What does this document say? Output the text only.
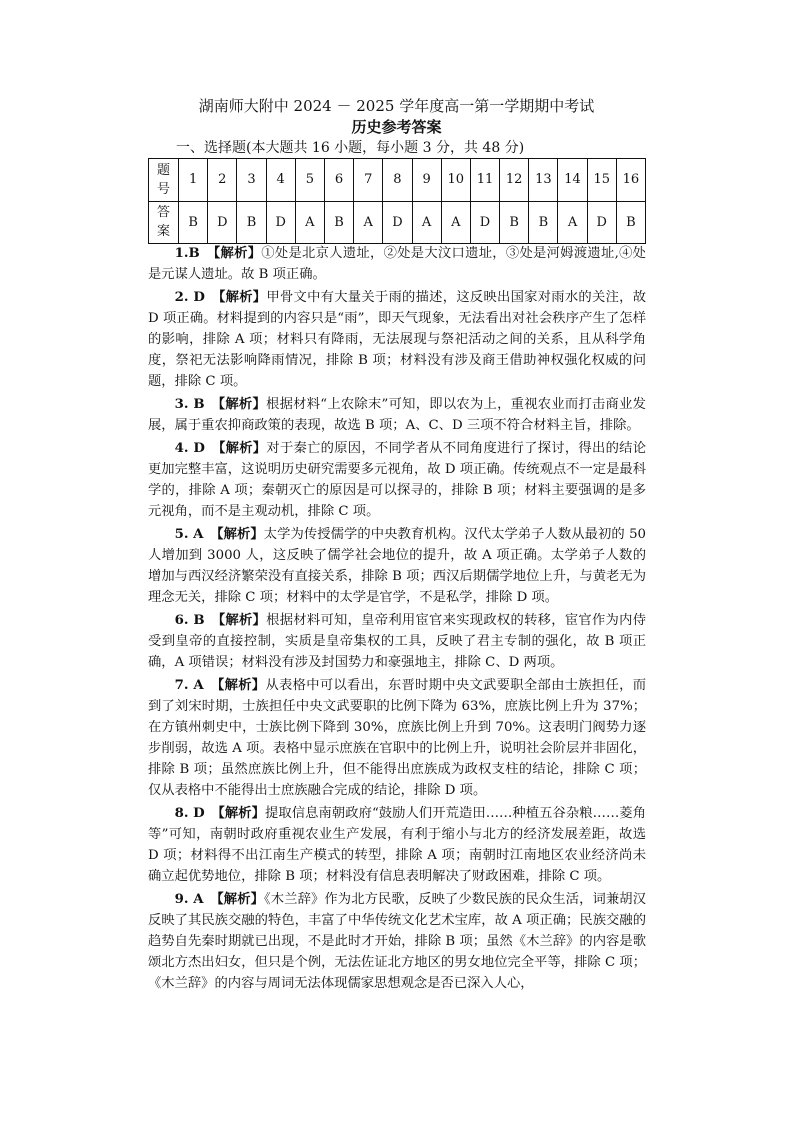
湖南师大附中 2024 － 2025 学年度高一第一学期期中考试
历史参考答案
一、选择题(本大题共 16 小题，每小题 3 分，共 48 分)
题
号	1	2	3	4	5	6	7	8	9	10	11	12	13	14	15	16

答
案	B	D	B	D	A	B	A	D	A	A	D	B	B	A	D	B

1.B　【解析】①处是北京人遗址，②处是大汶口遗址，③处是河姆渡遗址,④处是元谋人遗址。故 B 项正确。

2. D　【解析】甲骨文中有大量关于雨的描述，这反映出国家对雨水的关注，故 D 项正确。材料提到的内容只是“雨”，即天气现象，无法看出对社会秩序产生了怎样的影响，排除 A 项；材料只有降雨，无法展现与祭祀活动之间的关系，且从科学角度，祭祀无法影响降雨情况，排除 B 项；材料没有涉及商王借助神权强化权威的问题，排除 C 项。

3. B　【解析】根据材料“上农除末”可知，即以农为上，重视农业而打击商业发展，属于重农抑商政策的表现，故选 B 项；A、C、D 三项不符合材料主旨，排除。

4. D　【解析】对于秦亡的原因，不同学者从不同角度进行了探讨，得出的结论更加完整丰富，这说明历史研究需要多元视角，故 D 项正确。传统观点不一定是最科学的，排除 A 项；秦朝灭亡的原因是可以探寻的，排除 B 项；材料主要强调的是多元视角，而不是主观动机，排除 C 项。

5. A　【解析】太学为传授儒学的中央教育机构。汉代太学弟子人数从最初的 50 人增加到 3000 人，这反映了儒学社会地位的提升，故 A 项正确。太学弟子人数的增加与西汉经济繁荣没有直接关系，排除 B 项；西汉后期儒学地位上升，与黄老无为理念无关，排除 C 项；材料中的太学是官学，不是私学，排除 D 项。

6. B　【解析】根据材料可知，皇帝利用宦官来实现政权的转移，宦官作为内侍受到皇帝的直接控制，实质是皇帝集权的工具，反映了君主专制的强化，故 B 项正确，A 项错误；材料没有涉及封国势力和豪强地主，排除 C、D 两项。

7. A　【解析】从表格中可以看出，东晋时期中央文武要职全部由士族担任，而到了刘宋时期，士族担任中央文武要职的比例下降为 63%，庶族比例上升为 37%；在方镇州刺史中，士族比例下降到 30%，庶族比例上升到 70%。这表明门阀势力逐步削弱，故选 A 项。表格中显示庶族在官职中的比例上升，说明社会阶层并非固化，排除 B 项；虽然庶族比例上升，但不能得出庶族成为政权支柱的结论，排除 C 项；仅从表格中不能得出士庶族融合完成的结论，排除 D 项。

8. D　【解析】提取信息南朝政府“鼓励人们开荒造田……种植五谷杂粮……菱角等”可知，南朝时政府重视农业生产发展，有利于缩小与北方的经济发展差距，故选 D 项；材料得不出江南生产模式的转型，排除 A 项；南朝时江南地区农业经济尚未确立起优势地位，排除 B 项；材料没有信息表明解决了财政困难，排除 C 项。

9. A　【解析】《木兰辞》作为北方民歌，反映了少数民族的民众生活，词兼胡汉反映了其民族交融的特色，丰富了中华传统文化艺术宝库，故 A 项正确；民族交融的趋势自先秦时期就已出现，不是此时才开始，排除 B 项；虽然《木兰辞》的内容是歌颂北方杰出妇女，但只是个例，无法佐证北方地区的男女地位完全平等，排除 C 项；《木兰辞》的内容与周词无法体现儒家思想观念是否已深入人心，
